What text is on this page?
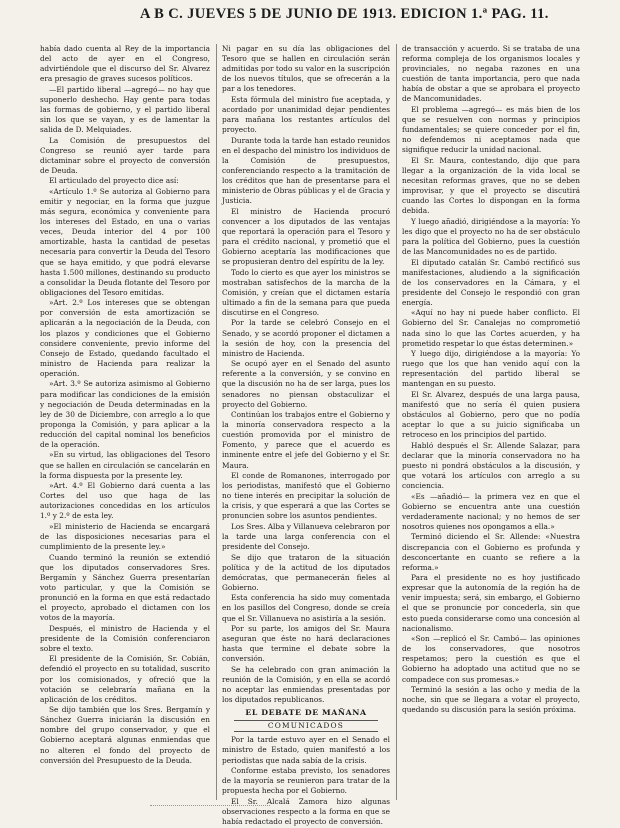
A B C. JUEVES 5 DE JUNIO DE 1913. EDICION 1.ª PAG. 11.

había dado cuenta al Rey de la importancia del acto de ayer en el Congreso, advirtiéndole que el discurso del Sr. Alvarez era presagio de graves sucesos políticos.

—El partido liberal —agregó— no hay que suponerlo deshecho. Hay gente para todas las formas de gobierno, y el partido liberal sin los que se vayan, y es de lamentar la salida de D. Melquiades.

La Comisión de presupuestos del Congreso se reunió ayer tarde para dictaminar sobre el proyecto de conversión de Deuda.

El articulado del proyecto dice así:

«Artículo 1.º Se autoriza al Gobierno para emitir y negociar, en la forma que juzgue más segura, económica y conveniente para los intereses del Estado, en una o varias veces, Deuda interior del 4 por 100 amortizable, hasta la cantidad de pesetas necesaria para convertir la Deuda del Tesoro que se haya emitido, y que podrá elevarse hasta 1.500 millones, destinando su producto a consolidar la Deuda flotante del Tesoro por obligaciones del Tesoro emitidas.

»Art. 2.º Los intereses que se obtengan por conversión de esta amortización se aplicarán a la negociación de la Deuda, con los plazos y condiciones que el Gobierno considere conveniente, previo informe del Consejo de Estado, quedando facultado el ministro de Hacienda para realizar la operación.

»Art. 3.º Se autoriza asimismo al Gobierno para modificar las condiciones de la emisión y negociación de Deuda determinadas en la ley de 30 de Diciembre, con arreglo a lo que proponga la Comisión, y para aplicar a la reducción del capital nominal los beneficios de la operación.

»En su virtud, las obligaciones del Tesoro que se hallen en circulación se cancelarán en la forma dispuesta por la presente ley.

»Art. 4.º El Gobierno dará cuenta a las Cortes del uso que haga de las autorizaciones concedidas en los artículos 1.º y 2.º de esta ley.

»El ministerio de Hacienda se encargará de las disposiciones necesarias para el cumplimiento de la presente ley.»

Cuando terminó la reunión se extendió que los diputados conservadores Sres. Bergamín y Sánchez Guerra presentarían voto particular, y que la Comisión se pronunció en la forma en que está redactado el proyecto, aprobado el dictamen con los votos de la mayoría.

Después, el ministro de Hacienda y el presidente de la Comisión conferenciaron sobre el texto.

El presidente de la Comisión, Sr. Cobián, defendió el proyecto en su totalidad, suscrito por los comisionados, y ofreció que la votación se celebraría mañana en la aplicación de los créditos.

Se dijo también que los Sres. Bergamín y Sánchez Guerra iniciarán la discusión en nombre del grupo conservador, y que el Gobierno aceptará algunas enmiendas que no alteren el fondo del proyecto de conversión del Presupuesto de la Deuda.

Ni pagar en su día las obligaciones del Tesoro que se hallen en circulación serán admitidas por todo su valor en la suscripción de los nuevos títulos, que se ofrecerán a la par a los tenedores.

Esta fórmula del ministro fue aceptada, y acordado por unanimidad dejar pendientes para mañana los restantes artículos del proyecto.

Durante toda la tarde han estado reunidos en el despacho del ministro los individuos de la Comisión de presupuestos, conferenciando respecto a la tramitación de los créditos que han de presentarse para el ministerio de Obras públicas y el de Gracia y Justicia.

El ministro de Hacienda procuró convencer a los diputados de las ventajas que reportará la operación para el Tesoro y para el crédito nacional, y prometió que el Gobierno aceptaría las modificaciones que se propusieran dentro del espíritu de la ley.

Todo lo cierto es que ayer los ministros se mostraban satisfechos de la marcha de la Comisión, y creían que el dictamen estaría ultimado a fin de la semana para que pueda discutirse en el Congreso.

Por la tarde se celebró Consejo en el Senado, y se acordó proponer el dictamen a la sesión de hoy, con la presencia del ministro de Hacienda.

Se ocupó ayer en el Senado del asunto referente a la conversión, y se convino en que la discusión no ha de ser larga, pues los senadores no piensan obstaculizar el proyecto del Gobierno.

Continúan los trabajos entre el Gobierno y la minoría conservadora respecto a la cuestión promovida por el ministro de Fomento, y parece que el acuerdo es inminente entre el jefe del Gobierno y el Sr. Maura.

El conde de Romanones, interrogado por los periodistas, manifestó que el Gobierno no tiene interés en precipitar la solución de la crisis, y que esperará a que las Cortes se pronuncien sobre los asuntos pendientes.

Los Sres. Alba y Villanueva celebraron por la tarde una larga conferencia con el presidente del Consejo.

Se dijo que trataron de la situación política y de la actitud de los diputados demócratas, que permanecerán fieles al Gobierno.

Esta conferencia ha sido muy comentada en los pasillos del Congreso, donde se creía que el Sr. Villanueva no asistiría a la sesión.

Por su parte, los amigos del Sr. Maura aseguran que éste no hará declaraciones hasta que termine el debate sobre la conversión.

Se ha celebrado con gran animación la reunión de la Comisión, y en ella se acordó no aceptar las enmiendas presentadas por los diputados republicanos.

EL DEBATE DE MAÑANA
COMUNICADOS

Por la tarde estuvo ayer en el Senado el ministro de Estado, quien manifestó a los periodistas que nada sabía de la crisis.

Conforme estaba previsto, los senadores de la mayoría se reunieron para tratar de la propuesta hecha por el Gobierno.

El Sr. Alcalá Zamora hizo algunas observaciones respecto a la forma en que se había redactado el proyecto de conversión.

de transacción y acuerdo. Si se trataba de una reforma compleja de los organismos locales y provinciales, no negaba razones en una cuestión de tanta importancia, pero que nada había de obstar a que se aprobara el proyecto de Mancomunidades.

El problema —agregó— es más bien de los que se resuelven con normas y principios fundamentales; se quiere conceder por el fin, no defendemos ni aceptamos nada que signifique reducir la unidad nacional.

El Sr. Maura, contestando, dijo que para llegar a la organización de la vida local se necesitan reformas graves, que no se deben improvisar, y que el proyecto se discutirá cuando las Cortes lo dispongan en la forma debida.

Y luego añadió, dirigiéndose a la mayoría: Yo les digo que el proyecto no ha de ser obstáculo para la política del Gobierno, pues la cuestión de las Mancomunidades no es de partido.

El diputado catalán Sr. Cambó rectificó sus manifestaciones, aludiendo a la significación de los conservadores en la Cámara, y el presidente del Consejo le respondió con gran energía.

«Aquí no hay ni puede haber conflicto. El Gobierno del Sr. Canalejas no comprometió nada sino lo que las Cortes acuerden, y ha prometido respetar lo que éstas determinen.»

Y luego dijo, dirigiéndose a la mayoría: Yo ruego que los que han venido aquí con la representación del partido liberal se mantengan en su puesto.

El Sr. Alvarez, después de una larga pausa, manifestó que no sería él quien pusiera obstáculos al Gobierno, pero que no podía aceptar lo que a su juicio significaba un retroceso en los principios del partido.

Habló después el Sr. Allende Salazar, para declarar que la minoría conservadora no ha puesto ni pondrá obstáculos a la discusión, y que votará los artículos con arreglo a su conciencia.

«Es —añadió— la primera vez en que el Gobierno se encuentra ante una cuestión verdaderamente nacional; y no hemos de ser nosotros quienes nos opongamos a ella.»

Terminó diciendo el Sr. Allende: «Nuestra discrepancia con el Gobierno es profunda y desconcertante en cuanto se refiere a la reforma.»

Para el presidente no es hoy justificado expresar que la autonomía de la región ha de venir impuesta; será, sin embargo, el Gobierno el que se pronuncie por concederla, sin que esto pueda considerarse como una concesión al nacionalismo.

«Son —replicó el Sr. Cambó— las opiniones de los conservadores, que nosotros respetamos; pero la cuestión es que el Gobierno ha adoptado una actitud que no se compadece con sus promesas.»

Terminó la sesión a las ocho y media de la noche, sin que se llegara a votar el proyecto, quedando su discusión para la sesión próxima.
